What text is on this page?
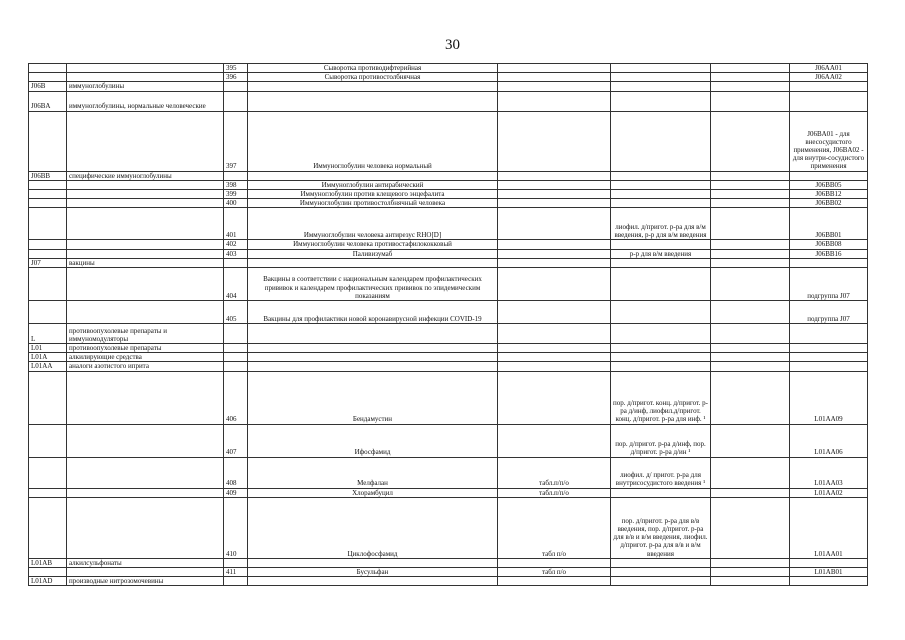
30
		395	Сыворотка противодифтерийная				J06AA01
		396	Сыворотка противостолбнячная				J06AA02
J06B	иммуноглобулины						
J06BA	иммуноглобулины, нормальные человеческие						
		397	Иммуноглобулин человека нормальный				J06BA01 - для внесосудистого применения, J06BA02 - для внутри-сосудистого применения
J06BB	специфические иммуноглобулины						
		398	Иммуноглобулин антирабический				J06BB05
		399	Иммуноглобулин против клещевого энцефалита				J06BB12
		400	Иммуноглобулин противостолбнячный человека				J06BB02
		401	Иммуноглобулин человека антирезус RHO[D]		лиофил. д/пригот. р-ра для в/м введения, р-р для в/м введения		J06BB01
		402	Иммуноглобулин человека противостафилококковый				J06BB08
		403	Паливизумаб		р-р для в/м введения		J06BB16
J07	вакцины						
		404	Вакцины в соответствии с национальным календарем профилактических прививок и календарем профилактических прививок по эпидемическим показаниям				подгруппа J07
		405	Вакцины для профилактики новой коронавирусной инфекции COVID-19				подгруппа J07
L	противоопухолевые препараты и иммуномодуляторы						
L01	противоопухолевые препараты						
L01A	алкилирующие средства						
L01AA	аналоги азотистого иприта						
		406	Бендамустин		пор. д/пригот. конц. д/пригот. р-ра д/инф, лиофил.д/пригот. конц. д/пригот. р-ра для инф. ¹		L01AA09
		407	Ифосфамид		пор. д/пригот. р-ра д/инф, пор. д/пригот. р-ра д/ин ¹		L01AA06
		408	Мелфалан	табл.п/п/о	лиофил. д/ пригот. р-ра для внутрисосудистого введения ¹		L01AA03
		409	Хлорамбуцил	табл.п/п/о			L01AA02
		410	Циклофосфамид	табл п/о	пор. д/пригот. р-ра для в/в введения, пор. д/пригот. р-ра для в/в и в/м введения, лиофил. д/пригот. р-ра для в/в и в/м введения		L01AA01
L01AB	алкилсульфонаты						
		411	Бусульфан	табл п/о			L01AB01
L01AD	производные нитрозомочевины						
